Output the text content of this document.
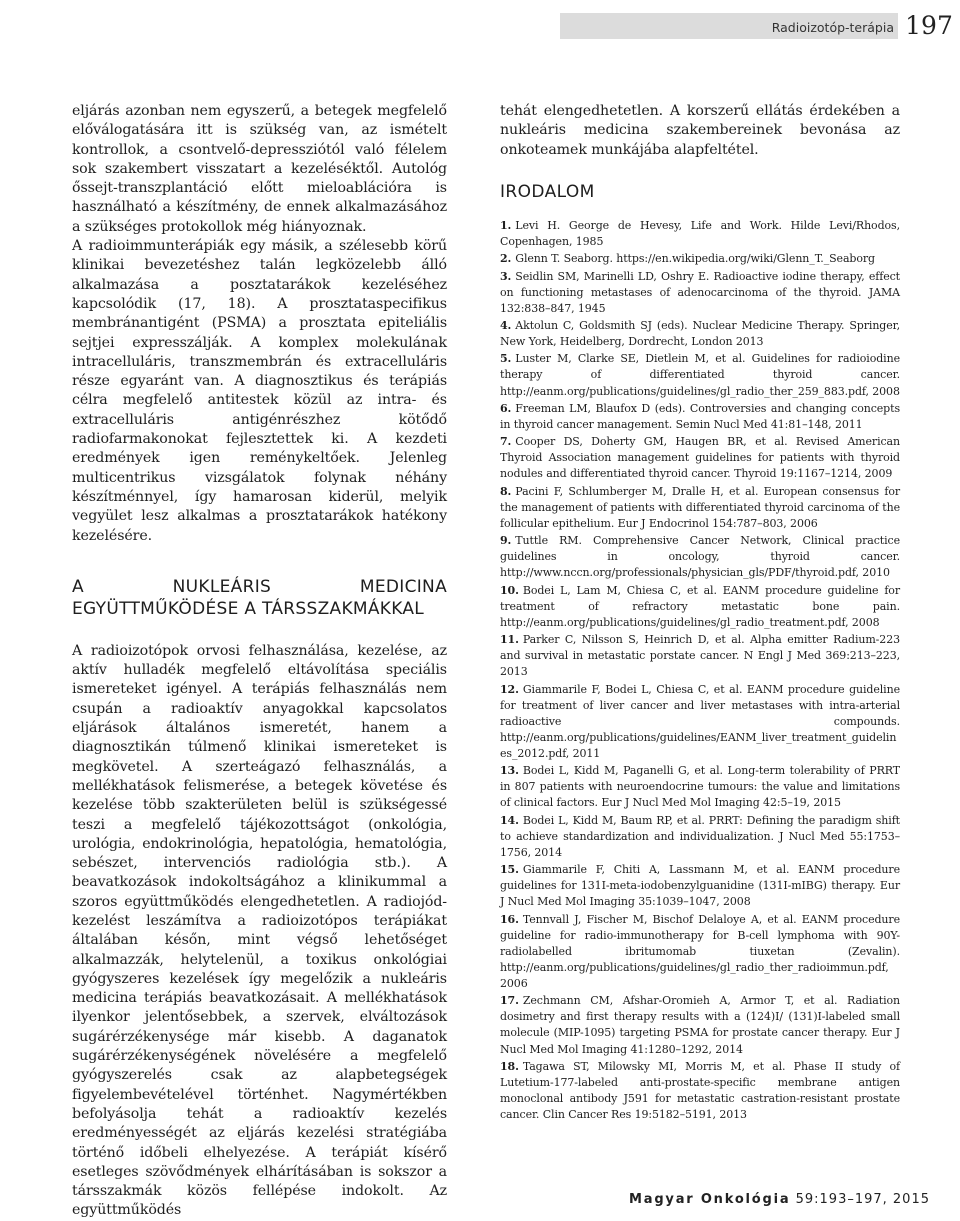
Radioizotóp-terápia 197

eljárás azonban nem egyszerű, a betegek megfelelő előválogatására itt is szükség van, az ismételt kontrollok, a csontvelő-depressziótól való félelem sok szakembert visszatart a kezeléséktől. Autológ őssejt-transzplantáció előtt mieloablációra is használható a készítmény, de ennek alkalmazásához a szükséges protokollok még hiányoznak.

A radioimmunterápiák egy másik, a szélesebb körű klinikai bevezetéshez talán legközelebb álló alkalmazása a posztatarákok kezeléséhez kapcsolódik (17, 18). A prosztataspecifikus membránantigént (PSMA) a prosztata epiteliális sejtjei expresszálják. A komplex molekulának intracelluláris, transzmembrán és extracelluláris része egyaránt van. A diagnosztikus és terápiás célra megfelelő antitestek közül az intra- és extracelluláris antigénrészhez kötődő radiofarmakonokat fejlesztettek ki. A kezdeti eredmények igen reménykeltőek. Jelenleg multicentrikus vizsgálatok folynak néhány készítménnyel, így hamarosan kiderül, melyik vegyület lesz alkalmas a prosztatarákok hatékony kezelésére.

A NUKLEÁRIS MEDICINA EGYÜTTMŰKÖDÉSE A TÁRSSZAKMÁKKAL

A radioizotópok orvosi felhasználása, kezelése, az aktív hulladék megfelelő eltávolítása speciális ismereteket igényel. A terápiás felhasználás nem csupán a radioaktív anyagokkal kapcsolatos eljárások általános ismeretét, hanem a diagnosztikán túlmenő klinikai ismereteket is megkövetel. A szerteágazó felhasználás, a mellékhatások felismerése, a betegek követése és kezelése több szakterületen belül is szükségessé teszi a megfelelő tájékozottságot (onkológia, urológia, endokrinológia, hepatológia, hematológia, sebészet, intervenciós radiológia stb.). A beavatkozások indokoltságához a klinikummal a szoros együttműködés elengedhetetlen. A radiojód-kezelést leszámítva a radioizotópos terápiákat általában későn, mint végső lehetőséget alkalmazzák, helytelenül, a toxikus onkológiai gyógyszeres kezelések így megelőzik a nukleáris medicina terápiás beavatkozásait. A mellékhatások ilyenkor jelentősebbek, a szervek, elváltozások sugárérzékenysége már kisebb. A daganatok sugárérzékenységének növelésére a megfelelő gyógyszerelés csak az alapbetegségek figyelembevételével történhet. Nagymértékben befolyásolja tehát a radioaktív kezelés eredményességét az eljárás kezelési stratégiába történő időbeli elhelyezése. A terápiát kísérő esetleges szövődmények elhárításában is sokszor a társszakmák közös fellépése indokolt. Az együttműködés

tehát elengedhetetlen. A korszerű ellátás érdekében a nukleáris medicina szakembereinek bevonása az onkoteamek munkájába alapfeltétel.

IRODALOM
1. Levi H. George de Hevesy, Life and Work. Hilde Levi/Rhodos, Copenhagen, 1985
2. Glenn T. Seaborg. https://en.wikipedia.org/wiki/Glenn_T._Seaborg
3. Seidlin SM, Marinelli LD, Oshry E. Radioactive iodine therapy, effect on functioning metastases of adenocarcinoma of the thyroid. JAMA 132:838–847, 1945
4. Aktolun C, Goldsmith SJ (eds). Nuclear Medicine Therapy. Springer, New York, Heidelberg, Dordrecht, London 2013
5. Luster M, Clarke SE, Dietlein M, et al. Guidelines for radioiodine therapy of differentiated thyroid cancer. http://eanm.org/publications/guidelines/gl_radio_ther_259_883.pdf, 2008
6. Freeman LM, Blaufox D (eds). Controversies and changing concepts in thyroid cancer management. Semin Nucl Med 41:81–148, 2011
7. Cooper DS, Doherty GM, Haugen BR, et al. Revised American Thyroid Association management guidelines for patients with thyroid nodules and differentiated thyroid cancer. Thyroid 19:1167–1214, 2009
8. Pacini F, Schlumberger M, Dralle H, et al. European consensus for the management of patients with differentiated thyroid carcinoma of the follicular epithelium. Eur J Endocrinol 154:787–803, 2006
9. Tuttle RM. Comprehensive Cancer Network, Clinical practice guidelines in oncology, thyroid cancer. http://www.nccn.org/professionals/physician_gls/PDF/thyroid.pdf, 2010
10. Bodei L, Lam M, Chiesa C, et al. EANM procedure guideline for treatment of refractory metastatic bone pain. http://eanm.org/publications/guidelines/gl_radio_treatment.pdf, 2008
11. Parker C, Nilsson S, Heinrich D, et al. Alpha emitter Radium-223 and survival in metastatic porstate cancer. N Engl J Med 369:213–223, 2013
12. Giammarile F, Bodei L, Chiesa C, et al. EANM procedure guideline for treatment of liver cancer and liver metastases with intra-arterial radioactive compounds. http://eanm.org/publications/guidelines/EANM_liver_treatment_guidelines_2012.pdf, 2011
13. Bodei L, Kidd M, Paganelli G, et al. Long-term tolerability of PRRT in 807 patients with neuroendocrine tumours: the value and limitations of clinical factors. Eur J Nucl Med Mol Imaging 42:5–19, 2015
14. Bodei L, Kidd M, Baum RP, et al. PRRT: Defining the paradigm shift to achieve standardization and individualization. J Nucl Med 55:1753–1756, 2014
15. Giammarile F, Chiti A, Lassmann M, et al. EANM procedure guidelines for 131I-meta-iodobenzylguanidine (131I-mIBG) therapy. Eur J Nucl Med Mol Imaging 35:1039–1047, 2008
16. Tennvall J, Fischer M, Bischof Delaloye A, et al. EANM procedure guideline for radio-immunotherapy for B-cell lymphoma with 90Y-radiolabelled ibritumomab tiuxetan (Zevalin). http://eanm.org/publications/guidelines/gl_radio_ther_radioimmun.pdf, 2006
17. Zechmann CM, Afshar-Oromieh A, Armor T, et al. Radiation dosimetry and first therapy results with a (124)I/ (131)I-labeled small molecule (MIP-1095) targeting PSMA for prostate cancer therapy. Eur J Nucl Med Mol Imaging 41:1280–1292, 2014
18. Tagawa ST, Milowsky MI, Morris M, et al. Phase II study of Lutetium-177-labeled anti-prostate-specific membrane antigen monoclonal antibody J591 for metastatic castration-resistant prostate cancer. Clin Cancer Res 19:5182–5191, 2013
Magyar Onkológia 59:193–197, 2015
